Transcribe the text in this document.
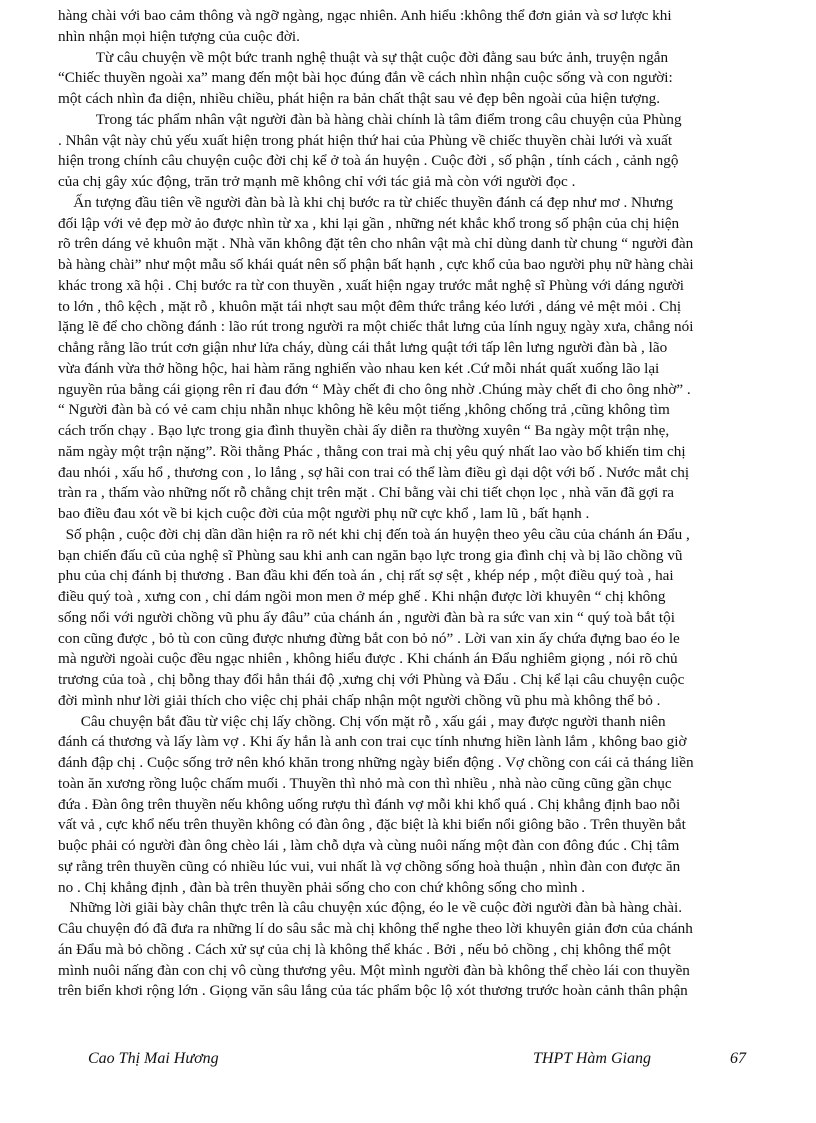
hàng chài với bao cảm thông và ngỡ ngàng, ngạc nhiên. Anh hiểu :không thể đơn giản và sơ lược khi
nhìn nhận mọi hiện tượng của cuộc đời.
Từ câu chuyện về một bức tranh nghệ thuật và sự thật cuộc đời đằng sau bức ảnh, truyện ngắn
“Chiếc thuyền ngoài xa” mang đến một bài học đúng đắn về cách nhìn nhận cuộc sống và con người:
một cách nhìn đa diện, nhiều chiều, phát hiện ra bản chất thật sau vẻ đẹp bên ngoài của hiện tượng.
Trong tác phẩm nhân vật người đàn bà hàng chài chính là tâm điểm trong câu chuyện của Phùng
. Nhân vật này chủ yếu xuất hiện trong phát hiện thứ hai của Phùng về chiếc thuyền chài lưới và xuất
hiện trong chính câu chuyện cuộc đời chị kể ở toà án huyện . Cuộc đời , số phận , tính cách , cảnh ngộ
của chị gây xúc động, trăn trở mạnh mẽ không chỉ với tác giả mà còn với người đọc .
Ấn tượng đầu tiên về người đàn bà là khi chị bước ra từ chiếc thuyền đánh cá đẹp như mơ . Nhưng
đối lập với vẻ đẹp mờ ảo được nhìn từ xa , khi lại gần , những nét khắc khổ trong số phận của chị hiện
rõ trên dáng vẻ khuôn mặt . Nhà văn không đặt tên cho nhân vật mà chỉ dùng danh từ chung “ người đàn
bà hàng chài” như một mẫu số khái quát nên số phận bất hạnh , cực khổ của bao người phụ nữ hàng chài
khác trong xã hội . Chị bước ra từ con thuyền , xuất hiện ngay trước mắt nghệ sĩ Phùng với dáng người
to lớn , thô kệch , mặt rỗ , khuôn mặt tái nhợt sau một đêm thức trắng kéo lưới , dáng vẻ mệt mỏi . Chị
lặng lẽ để cho chồng đánh : lão rút trong người ra một chiếc thắt lưng của lính nguỵ ngày xưa, chẳng nói
chẳng rằng lão trút cơn giận như lửa cháy, dùng cái thắt lưng quật tới tấp lên lưng người đàn bà , lão
vừa đánh vừa thở hồng hộc, hai hàm răng nghiến vào nhau ken két .Cứ mỗi nhát quất xuống lão lại
nguyền rủa bằng cái giọng rên rỉ đau đớn “ Mày chết đi cho ông nhờ .Chúng mày chết đi cho ông nhờ” .
“ Người đàn bà có vẻ cam chịu nhẫn nhục không hề kêu một tiếng ,không chống trả ,cũng không tìm
cách trốn chạy . Bạo lực trong gia đình thuyền chài ấy diễn ra thường xuyên “ Ba ngày một trận nhẹ,
năm ngày một trận nặng”. Rồi thằng Phác , thằng con trai mà chị yêu quý nhất lao vào bố khiến tim chị
đau nhói , xấu hổ , thương con , lo lắng , sợ hãi con trai có thể làm điều gì dại dột với bố . Nước mắt chị
tràn ra , thấm vào những nốt rỗ chằng chịt trên mặt . Chỉ bằng vài chi tiết chọn lọc , nhà văn đã gợi ra
bao điều đau xót về bi kịch cuộc đời của một người phụ nữ cực khổ , lam lũ , bất hạnh .
Số phận , cuộc đời chị dần dần hiện ra rõ nét khi chị đến toà án huyện theo yêu cầu của chánh án Đẩu ,
bạn chiến đấu cũ của nghệ sĩ Phùng sau khi anh can ngăn bạo lực trong gia đình chị và bị lão chồng vũ
phu của chị đánh bị thương . Ban đầu khi đến toà án , chị rất sợ sệt , khép nép , một điều quý toà , hai
điều quý toà , xưng con , chỉ dám ngồi mon men ở mép ghế . Khi nhận được lời khuyên “ chị không
sống nổi với người chồng vũ phu ấy đâu” của chánh án , người đàn bà ra sức van xin “ quý toà bắt tội
con cũng được , bỏ tù con cũng được nhưng đừng bắt con bỏ nó” . Lời van xin ấy chứa đựng bao éo le
mà người ngoài cuộc đều ngạc nhiên , không hiểu được . Khi chánh án Đẩu nghiêm giọng , nói rõ chủ
trương của toà , chị bỗng thay đổi hẳn thái độ ,xưng chị với Phùng và Đẩu . Chị kể lại câu chuyện cuộc
đời mình như lời giải thích cho việc chị phải chấp nhận một người chồng vũ phu mà không thể bỏ .
Câu chuyện bắt đầu từ việc chị lấy chồng. Chị vốn mặt rỗ , xấu gái , may được người thanh niên
đánh cá thương và lấy làm vợ . Khi ấy hắn là anh con trai cục tính nhưng hiền lành lắm , không bao giờ
đánh đập chị . Cuộc sống trở nên khó khăn trong những ngày biển động . Vợ chồng con cái cả tháng liền
toàn ăn xương rồng luộc chấm muối . Thuyền thì nhỏ mà con thì nhiều , nhà nào cũng cũng gần chục
đứa . Đàn ông trên thuyền nếu không uống rượu thì đánh vợ mỗi khi khổ quá . Chị khẳng định bao nỗi
vất vả , cực khổ nếu trên thuyền không có đàn ông , đặc biệt là khi biển nổi giông bão . Trên thuyền bắt
buộc phải có người đàn ông chèo lái , làm chỗ dựa và cùng nuôi nấng một đàn con đông đúc . Chị tâm
sự rằng trên thuyền cũng có nhiều lúc vui, vui nhất là vợ chồng sống hoà thuận , nhìn đàn con được ăn
no . Chị khẳng định , đàn bà trên thuyền phải sống cho con chứ không sống cho mình .
Những lời giãi bày chân thực trên là câu chuyện xúc động, éo le về cuộc đời người đàn bà hàng chài.
Câu chuyện đó đã đưa ra những lí do sâu sắc mà chị không thể nghe theo lời khuyên giản đơn của chánh
án Đẩu mà bỏ chồng . Cách xử sự của chị là không thể khác . Bởi , nếu bỏ chồng , chị không thể một
mình nuôi nấng đàn con chị vô cùng thương yêu. Một mình người đàn bà không thể chèo lái con thuyền
trên biển khơi rộng lớn . Giọng văn sâu lắng của tác phẩm bộc lộ xót thương trước hoàn cảnh thân phận
Cao Thị Mai Hương	THPT Hàm Giang	67
